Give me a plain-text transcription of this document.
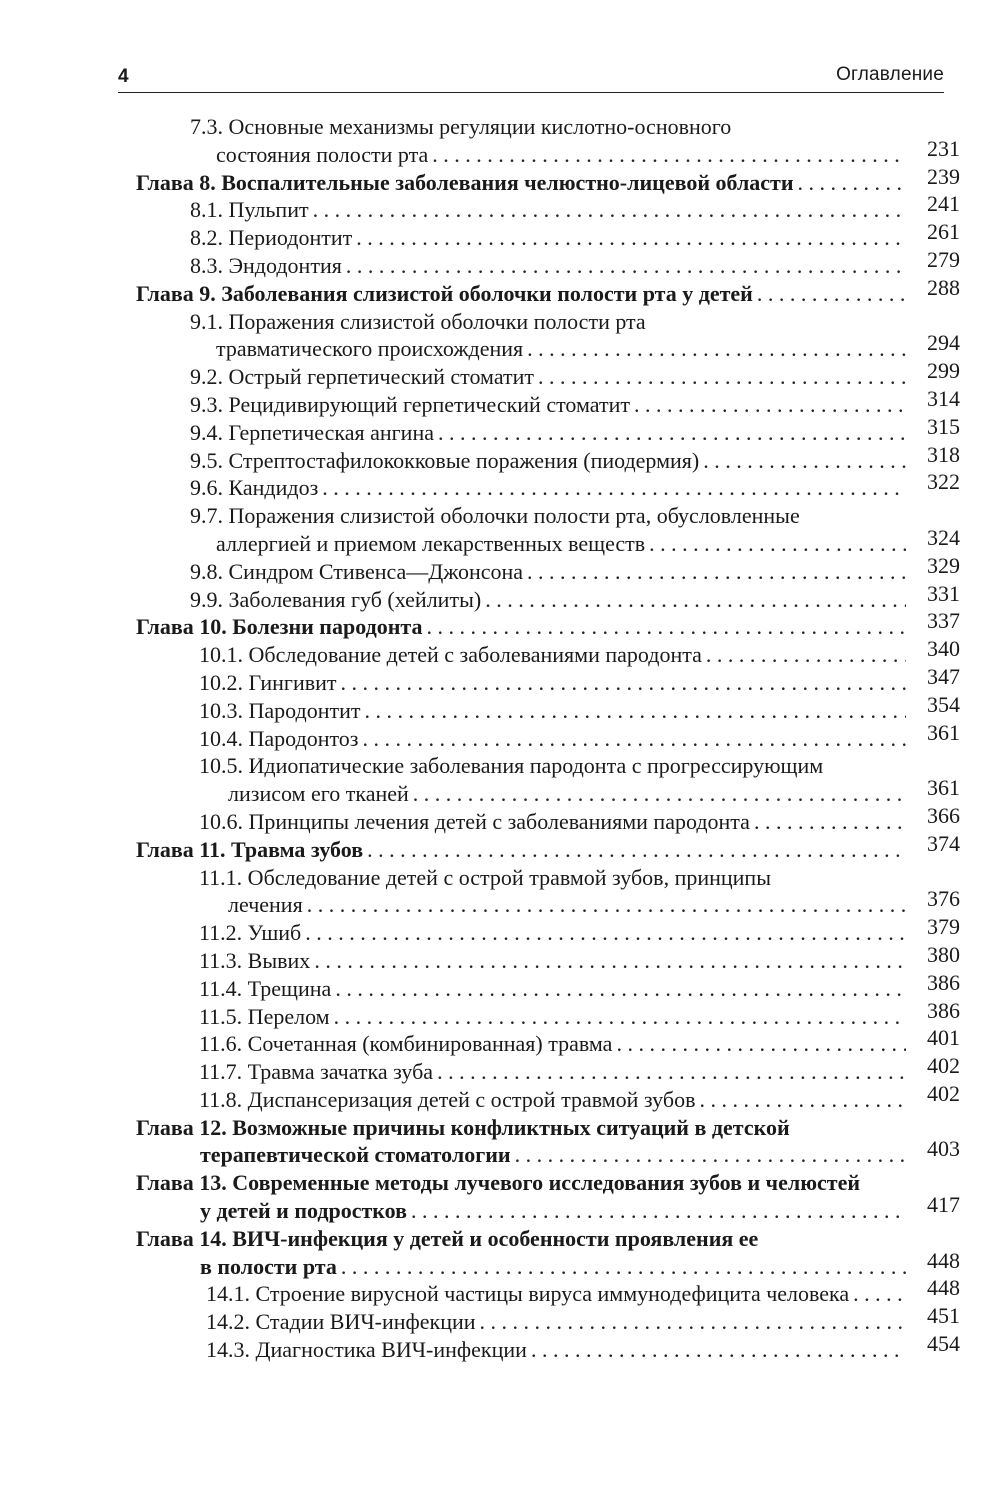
4	Оглавление
7.3. Основные механизмы регуляции кислотно-основного
состояния полости рта . . .	231
Глава 8. Воспалительные заболевания челюстно-лицевой области . . .	239
8.1. Пульпит . . .	241
8.2. Периодонтит . . .	261
8.3. Эндодонтия . . .	279
Глава 9. Заболевания слизистой оболочки полости рта у детей . . .	288
9.1. Поражения слизистой оболочки полости рта
травматического происхождения . . .	294
9.2. Острый герпетический стоматит . . .	299
9.3. Рецидивирующий герпетический стоматит . . .	314
9.4. Герпетическая ангина . . .	315
9.5. Стрептостафилококковые поражения (пиодермия) . . .	318
9.6. Кандидоз . . .	322
9.7. Поражения слизистой оболочки полости рта, обусловленные
аллергией и приемом лекарственных веществ . . .	324
9.8. Синдром Стивенса—Джонсона . . .	329
9.9. Заболевания губ (хейлиты) . . .	331
Глава 10. Болезни пародонта . . .	337
10.1. Обследование детей с заболеваниями пародонта . . .	340
10.2. Гингивит . . .	347
10.3. Пародонтит . . .	354
10.4. Пародонтоз . . .	361
10.5. Идиопатические заболевания пародонта с прогрессирующим
лизисом его тканей . . .	361
10.6. Принципы лечения детей с заболеваниями пародонта . . .	366
Глава 11. Травма зубов . . .	374
11.1. Обследование детей с острой травмой зубов, принципы
лечения . . .	376
11.2. Ушиб . . .	379
11.3. Вывих . . .	380
11.4. Трещина . . .	386
11.5. Перелом . . .	386
11.6. Сочетанная (комбинированная) травма . . .	401
11.7. Травма зачатка зуба . . .	402
11.8. Диспансеризация детей с острой травмой зубов . . .	402
Глава 12. Возможные причины конфликтных ситуаций в детской
терапевтической стоматологии . . .	403
Глава 13. Современные методы лучевого исследования зубов и челюстей
у детей и подростков . . .	417
Глава 14. ВИЧ-инфекция у детей и особенности проявления ее
в полости рта . . .	448
14.1. Строение вирусной частицы вируса иммунодефицита человека . . .	448
14.2. Стадии ВИЧ-инфекции . . .	451
14.3. Диагностика ВИЧ-инфекции . . .	454
